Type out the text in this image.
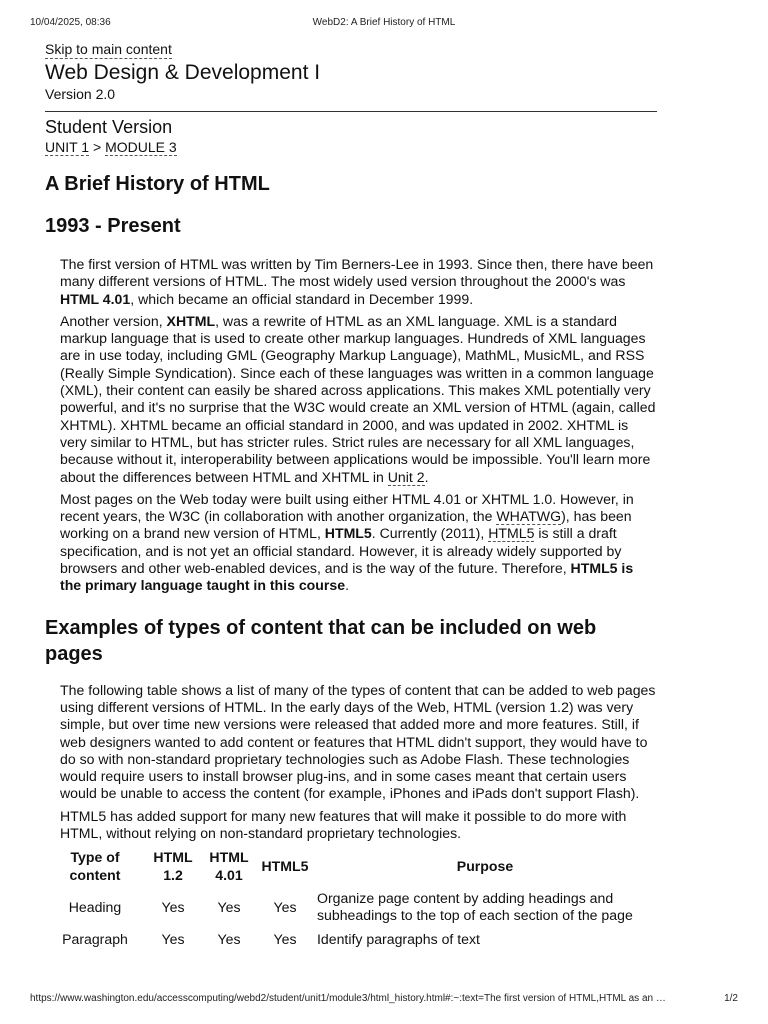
10/04/2025, 08:36	WebD2: A Brief History of HTML
Skip to main content
Web Design & Development I
Version 2.0
Student Version
UNIT 1 > MODULE 3
A Brief History of HTML
1993 - Present

The first version of HTML was written by Tim Berners-Lee in 1993. Since then, there have been many different versions of HTML. The most widely used version throughout the 2000's was HTML 4.01, which became an official standard in December 1999.

Another version, XHTML, was a rewrite of HTML as an XML language. XML is a standard markup language that is used to create other markup languages. Hundreds of XML languages are in use today, including GML (Geography Markup Language), MathML, MusicML, and RSS (Really Simple Syndication). Since each of these languages was written in a common language (XML), their content can easily be shared across applications. This makes XML potentially very powerful, and it's no surprise that the W3C would create an XML version of HTML (again, called XHTML). XHTML became an official standard in 2000, and was updated in 2002. XHTML is very similar to HTML, but has stricter rules. Strict rules are necessary for all XML languages, because without it, interoperability between applications would be impossible. You'll learn more about the differences between HTML and XHTML in Unit 2.

Most pages on the Web today were built using either HTML 4.01 or XHTML 1.0. However, in recent years, the W3C (in collaboration with another organization, the WHATWG), has been working on a brand new version of HTML, HTML5. Currently (2011), HTML5 is still a draft specification, and is not yet an official standard. However, it is already widely supported by browsers and other web-enabled devices, and is the way of the future. Therefore, HTML5 is the primary language taught in this course.

Examples of types of content that can be included on web pages

The following table shows a list of many of the types of content that can be added to web pages using different versions of HTML. In the early days of the Web, HTML (version 1.2) was very simple, but over time new versions were released that added more and more features. Still, if web designers wanted to add content or features that HTML didn't support, they would have to do so with non-standard proprietary technologies such as Adobe Flash. These technologies would require users to install browser plug-ins, and in some cases meant that certain users would be unable to access the content (for example, iPhones and iPads don't support Flash).

HTML5 has added support for many new features that will make it possible to do more with HTML, without relying on non-standard proprietary technologies.

Type of content	HTML 1.2	HTML 4.01	HTML5	Purpose
Heading	Yes	Yes	Yes	Organize page content by adding headings and subheadings to the top of each section of the page
Paragraph	Yes	Yes	Yes	Identify paragraphs of text
https://www.washington.edu/accesscomputing/webd2/student/unit1/module3/html_history.html#:~:text=The first version of HTML,HTML as an …	1/2
